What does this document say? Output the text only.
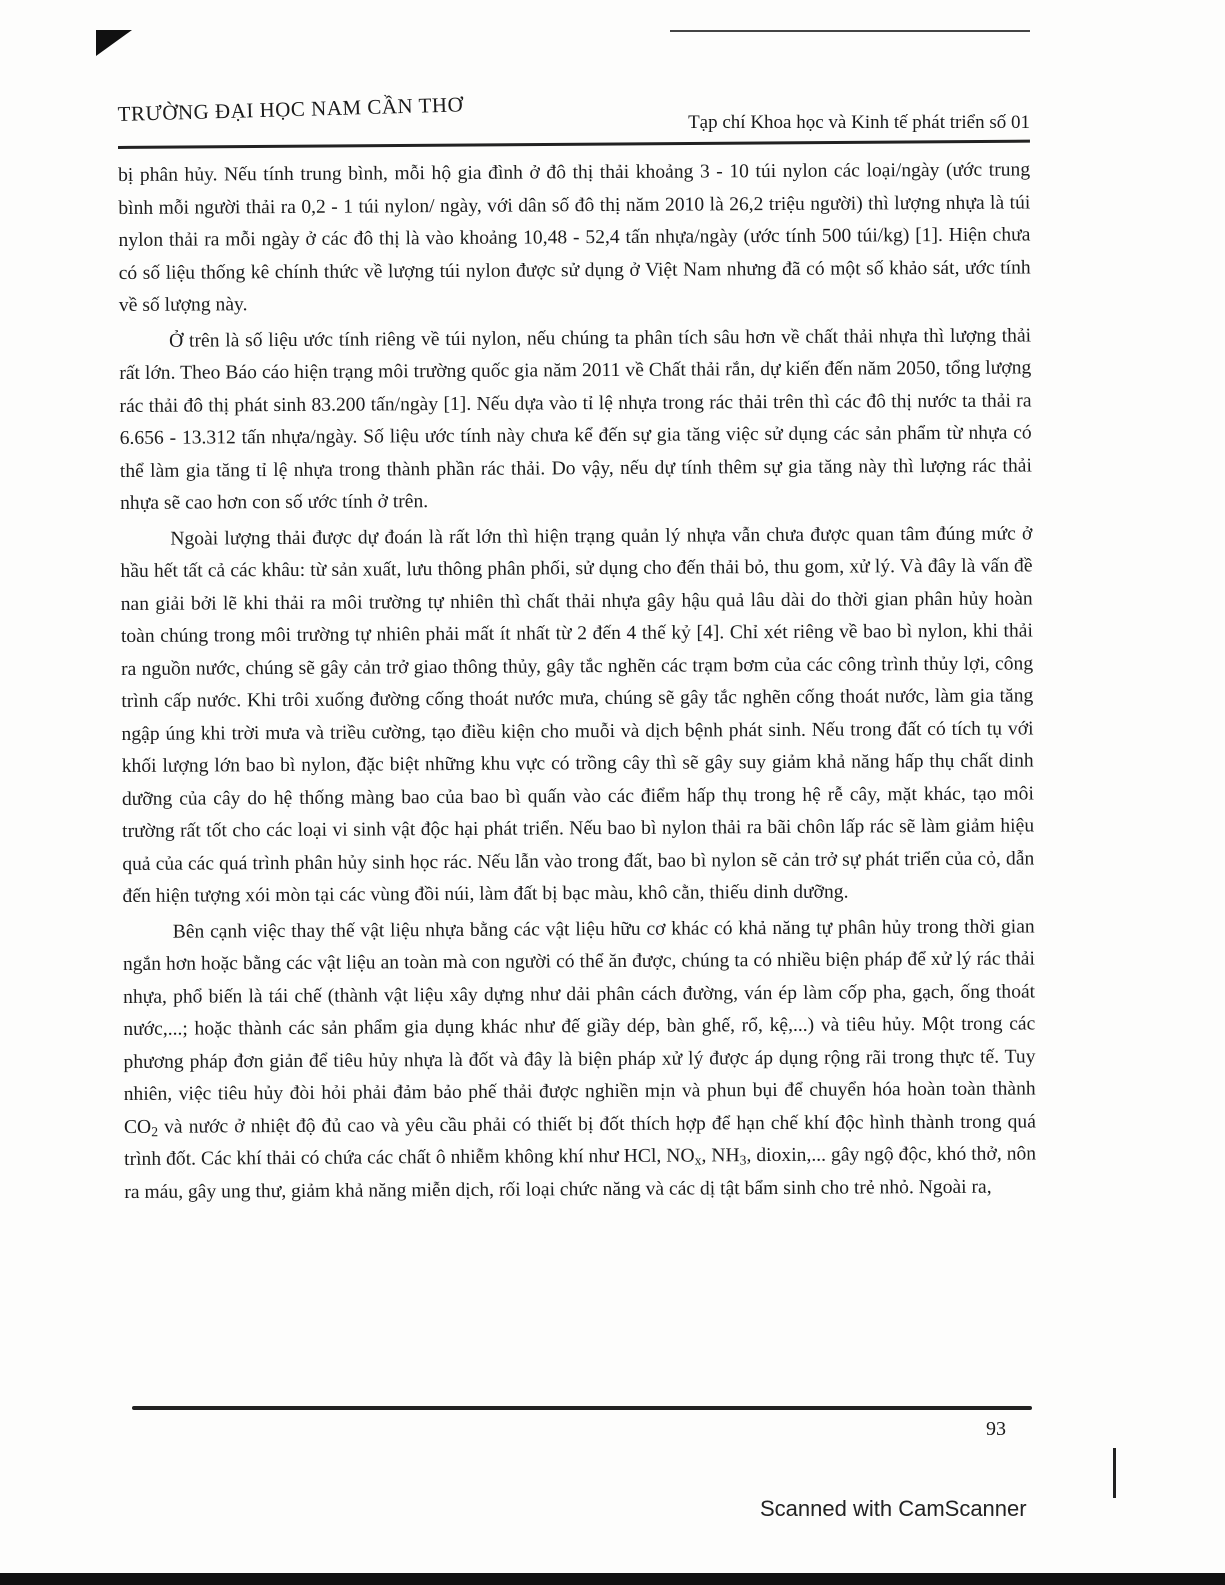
TRƯỜNG ĐẠI HỌC NAM CẦN THƠ	Tạp chí Khoa học và Kinh tế phát triển số 01

bị phân hủy. Nếu tính trung bình, mỗi hộ gia đình ở đô thị thải khoảng 3 - 10 túi nylon các loại/ngày (ước trung bình mỗi người thải ra 0,2 - 1 túi nylon/ ngày, với dân số đô thị năm 2010 là 26,2 triệu người) thì lượng nhựa là túi nylon thải ra mỗi ngày ở các đô thị là vào khoảng 10,48 - 52,4 tấn nhựa/ngày (ước tính 500 túi/kg) [1]. Hiện chưa có số liệu thống kê chính thức về lượng túi nylon được sử dụng ở Việt Nam nhưng đã có một số khảo sát, ước tính về số lượng này.

Ở trên là số liệu ước tính riêng về túi nylon, nếu chúng ta phân tích sâu hơn về chất thải nhựa thì lượng thải rất lớn. Theo Báo cáo hiện trạng môi trường quốc gia năm 2011 về Chất thải rắn, dự kiến đến năm 2050, tổng lượng rác thải đô thị phát sinh 83.200 tấn/ngày [1]. Nếu dựa vào tỉ lệ nhựa trong rác thải trên thì các đô thị nước ta thải ra 6.656 - 13.312 tấn nhựa/ngày. Số liệu ước tính này chưa kể đến sự gia tăng việc sử dụng các sản phẩm từ nhựa có thể làm gia tăng tỉ lệ nhựa trong thành phần rác thải. Do vậy, nếu dự tính thêm sự gia tăng này thì lượng rác thải nhựa sẽ cao hơn con số ước tính ở trên.

Ngoài lượng thải được dự đoán là rất lớn thì hiện trạng quản lý nhựa vẫn chưa được quan tâm đúng mức ở hầu hết tất cả các khâu: từ sản xuất, lưu thông phân phối, sử dụng cho đến thải bỏ, thu gom, xử lý. Và đây là vấn đề nan giải bởi lẽ khi thải ra môi trường tự nhiên thì chất thải nhựa gây hậu quả lâu dài do thời gian phân hủy hoàn toàn chúng trong môi trường tự nhiên phải mất ít nhất từ 2 đến 4 thế kỷ [4]. Chỉ xét riêng về bao bì nylon, khi thải ra nguồn nước, chúng sẽ gây cản trở giao thông thủy, gây tắc nghẽn các trạm bơm của các công trình thủy lợi, công trình cấp nước. Khi trôi xuống đường cống thoát nước mưa, chúng sẽ gây tắc nghẽn cống thoát nước, làm gia tăng ngập úng khi trời mưa và triều cường, tạo điều kiện cho muỗi và dịch bệnh phát sinh. Nếu trong đất có tích tụ với khối lượng lớn bao bì nylon, đặc biệt những khu vực có trồng cây thì sẽ gây suy giảm khả năng hấp thụ chất dinh dưỡng của cây do hệ thống màng bao của bao bì quấn vào các điểm hấp thụ trong hệ rễ cây, mặt khác, tạo môi trường rất tốt cho các loại vi sinh vật độc hại phát triển. Nếu bao bì nylon thải ra bãi chôn lấp rác sẽ làm giảm hiệu quả của các quá trình phân hủy sinh học rác. Nếu lẫn vào trong đất, bao bì nylon sẽ cản trở sự phát triển của cỏ, dẫn đến hiện tượng xói mòn tại các vùng đồi núi, làm đất bị bạc màu, khô cằn, thiếu dinh dưỡng.

Bên cạnh việc thay thế vật liệu nhựa bằng các vật liệu hữu cơ khác có khả năng tự phân hủy trong thời gian ngắn hơn hoặc bằng các vật liệu an toàn mà con người có thể ăn được, chúng ta có nhiều biện pháp để xử lý rác thải nhựa, phổ biến là tái chế (thành vật liệu xây dựng như dải phân cách đường, ván ép làm cốp pha, gạch, ống thoát nước,...; hoặc thành các sản phẩm gia dụng khác như đế giầy dép, bàn ghế, rổ, kệ,...) và tiêu hủy. Một trong các phương pháp đơn giản để tiêu hủy nhựa là đốt và đây là biện pháp xử lý được áp dụng rộng rãi trong thực tế. Tuy nhiên, việc tiêu hủy đòi hỏi phải đảm bảo phế thải được nghiền mịn và phun bụi để chuyển hóa hoàn toàn thành $CO_2$ và nước ở nhiệt độ đủ cao và yêu cầu phải có thiết bị đốt thích hợp để hạn chế khí độc hình thành trong quá trình đốt. Các khí thải có chứa các chất ô nhiễm không khí như HCl, $NO_x$, $NH_3$, dioxin,... gây ngộ độc, khó thở, nôn ra máu, gây ung thư, giảm khả năng miễn dịch, rối loại chức năng và các dị tật bẩm sinh cho trẻ nhỏ. Ngoài ra,

93
Scanned with CamScanner
